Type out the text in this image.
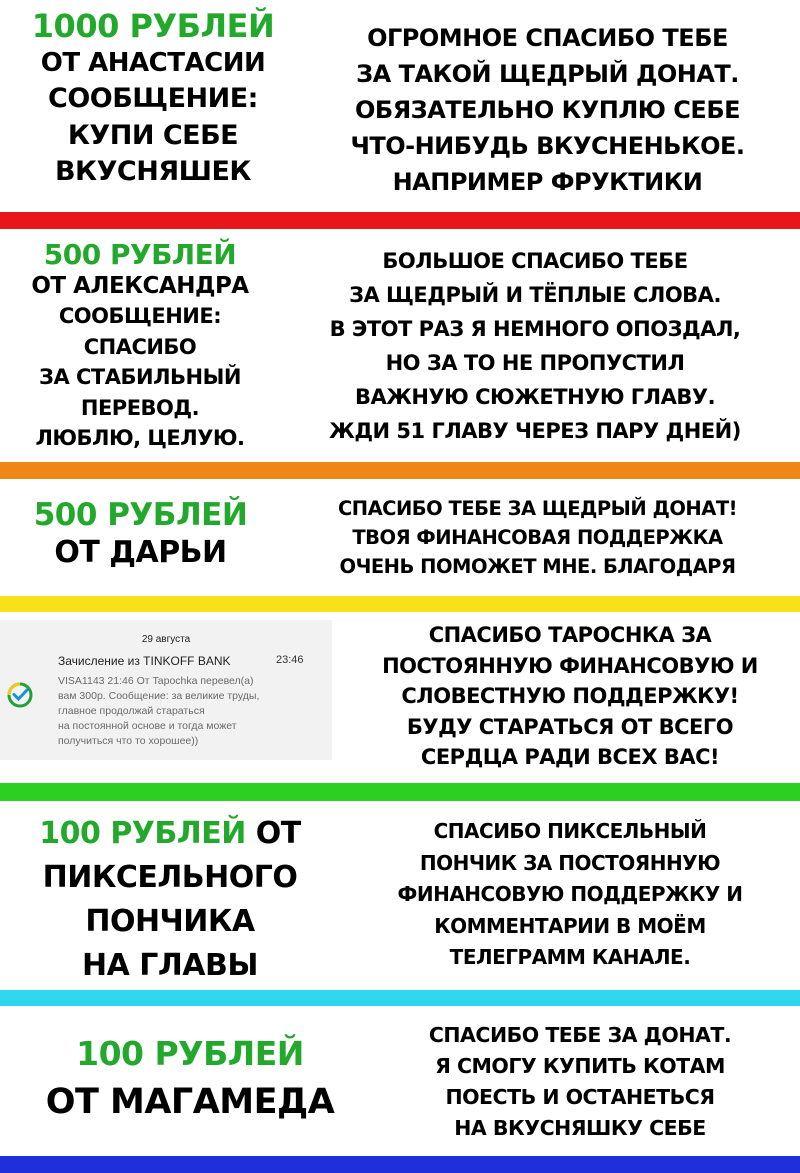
1000 РУБЛЕЙ
ОТ АНАСТАСИИ
СООБЩЕНИЕ:
КУПИ СЕБЕ
ВКУСНЯШЕК
ОГРОМНОЕ СПАСИБО ТЕБЕ
ЗА ТАКОЙ ЩЕДРЫЙ ДОНАТ.
ОБЯЗАТЕЛЬНО КУПЛЮ СЕБЕ
ЧТО-НИБУДЬ ВКУСНЕНЬКОЕ.
НАПРИМЕР ФРУКТИКИ
500 РУБЛЕЙ
ОТ АЛЕКСАНДРА
СООБЩЕНИЕ:
СПАСИБО
ЗА СТАБИЛЬНЫЙ
ПЕРЕВОД.
ЛЮБЛЮ, ЦЕЛУЮ.
БОЛЬШОЕ СПАСИБО ТЕБЕ
ЗА ЩЕДРЫЙ И ТЁПЛЫЕ СЛОВА.
В ЭТОТ РАЗ Я НЕМНОГО ОПОЗДАЛ,
НО ЗА ТО НЕ ПРОПУСТИЛ
ВАЖНУЮ СЮЖЕТНУЮ ГЛАВУ.
ЖДИ 51 ГЛАВУ ЧЕРЕЗ ПАРУ ДНЕЙ)
500 РУБЛЕЙ
ОТ ДАРЬИ
СПАСИБО ТЕБЕ ЗА ЩЕДРЫЙ ДОНАТ!
ТВОЯ ФИНАНСОВАЯ ПОДДЕРЖКА
ОЧЕНЬ ПОМОЖЕТ МНЕ. БЛАГОДАРЯ
29 августа
Зачисление из TINKOFF BANK	23:46
VISA1143 21:46 От Tapochka перевел(а)
вам 300р. Сообщение: за великие труды,
главное продолжай стараться
на постоянной основе и тогда может
получиться что то хорошее))
СПАСИБО ТАРОСНКА ЗА
ПОСТОЯННУЮ ФИНАНСОВУЮ И
СЛОВЕСТНУЮ ПОДДЕРЖКУ!
БУДУ СТАРАТЬСЯ ОТ ВСЕГО
СЕРДЦА РАДИ ВСЕХ ВАС!
100 РУБЛЕЙ ОТ
ПИКСЕЛЬНОГО
ПОНЧИКА
НА ГЛАВЫ
СПАСИБО ПИКСЕЛЬНЫЙ
ПОНЧИК ЗА ПОСТОЯННУЮ
ФИНАНСОВУЮ ПОДДЕРЖКУ И
КОММЕНТАРИИ В МОЁМ
ТЕЛЕГРАММ КАНАЛЕ.
100 РУБЛЕЙ
ОТ МАГАМЕДА
СПАСИБО ТЕБЕ ЗА ДОНАТ.
Я СМОГУ КУПИТЬ КОТАМ
ПОЕСТЬ И ОСТАНЕТЬСЯ
НА ВКУСНЯШКУ СЕБЕ
